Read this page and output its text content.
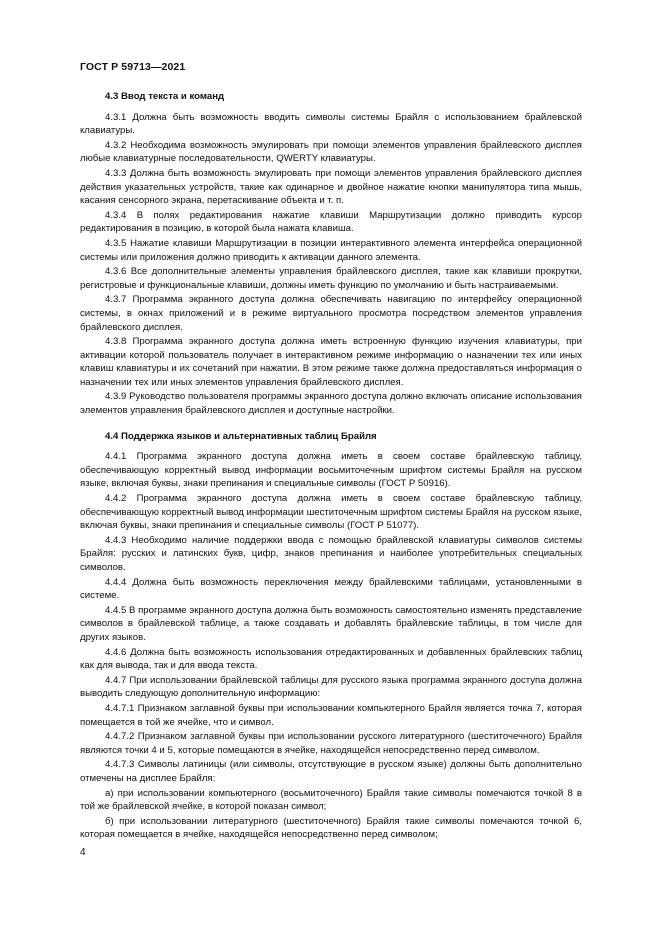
ГОСТ Р 59713—2021
4.3 Ввод текста и команд

4.3.1 Должна быть возможность вводить символы системы Брайля с использованием брайлевской клавиатуры.

4.3.2 Необходима возможность эмулировать при помощи элементов управления брайлевского дисплея любые клавиатурные последовательности, QWERTY клавиатуры.

4.3.3 Должна быть возможность эмулировать при помощи элементов управления брайлевского дисплея действия указательных устройств, такие как одинарное и двойное нажатие кнопки манипулятора типа мышь, касания сенсорного экрана, перетаскивание объекта и т. п.

4.3.4 В полях редактирования нажатие клавиши Маршрутизации должно приводить курсор редактирования в позицию, в которой была нажата клавиша.

4.3.5 Нажатие клавиши Маршрутизации в позиции интерактивного элемента интерфейса операционной системы или приложения должно приводить к активации данного элемента.

4.3.6 Все дополнительные элементы управления брайлевского дисплея, такие как клавиши прокрутки, регистровые и функциональные клавиши, должны иметь функцию по умолчанию и быть настраиваемыми.

4.3.7 Программа экранного доступа должна обеспечивать навигацию по интерфейсу операционной системы, в окнах приложений и в режиме виртуального просмотра посредством элементов управления брайлевского дисплея.

4.3.8 Программа экранного доступа должна иметь встроенную функцию изучения клавиатуры, при активации которой пользователь получает в интерактивном режиме информацию о назначении тех или иных клавиш клавиатуры и их сочетаний при нажатии. В этом режиме также должна предоставляться информация о назначении тех или иных элементов управления брайлевского дисплея.

4.3.9 Руководство пользователя программы экранного доступа должно включать описание использования элементов управления брайлевского дисплея и доступные настройки.

4.4 Поддержка языков и альтернативных таблиц Брайля

4.4.1 Программа экранного доступа должна иметь в своем составе брайлевскую таблицу, обеспечивающую корректный вывод информации восьмиточечным шрифтом системы Брайля на русском языке, включая буквы, знаки препинания и специальные символы (ГОСТ Р 50916).

4.4.2 Программа экранного доступа должна иметь в своем составе брайлевскую таблицу, обеспечивающую корректный вывод информации шеститочечным шрифтом системы Брайля на русском языке, включая буквы, знаки препинания и специальные символы (ГОСТ Р 51077).

4.4.3 Необходимо наличие поддержки ввода с помощью брайлевской клавиатуры символов системы Брайля: русских и латинских букв, цифр, знаков препинания и наиболее употребительных специальных символов.

4.4.4 Должна быть возможность переключения между брайлевскими таблицами, установленными в системе.

4.4.5 В программе экранного доступа должна быть возможность самостоятельно изменять представление символов в брайлевской таблице, а также создавать и добавлять брайлевские таблицы, в том числе для других языков.

4.4.6 Должна быть возможность использования отредактированных и добавленных брайлевских таблиц как для вывода, так и для ввода текста.

4.4.7 При использовании брайлевской таблицы для русского языка программа экранного доступа должна выводить следующую дополнительную информацию:

4.4.7.1 Признаком заглавной буквы при использовании компьютерного Брайля является точка 7, которая помещается в той же ячейке, что и символ.

4.4.7.2 Признаком заглавной буквы при использовании русского литературного (шеститочечного) Брайля являются точки 4 и 5, которые помещаются в ячейке, находящейся непосредственно перед символом.

4.4.7.3 Символы латиницы (или символы, отсутствующие в русском языке) должны быть дополнительно отмечены на дисплее Брайля:

а) при использовании компьютерного (восьмиточечного) Брайля такие символы помечаются точкой 8 в той же брайлевской ячейке, в которой показан символ;

б) при использовании литературного (шеститочечного) Брайля такие символы помечаются точкой 6, которая помещается в ячейке, находящейся непосредственно перед символом;

4
